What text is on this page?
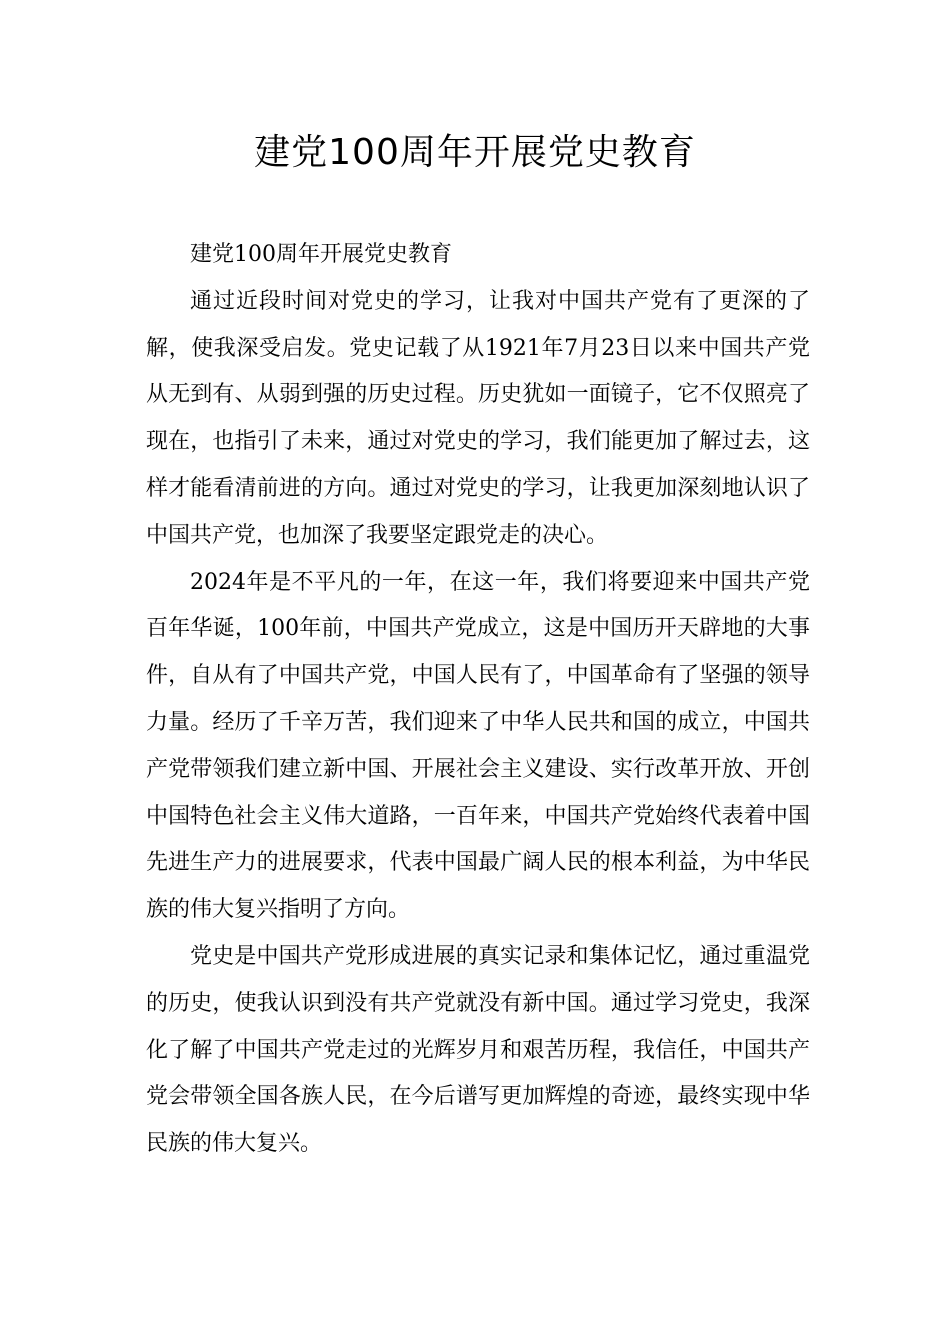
建党100周年开展党史教育

建党100周年开展党史教育

通过近段时间对党史的学习，让我对中国共产党有了更深的了解，使我深受启发。党史记载了从1921年7月23日以来中国共产党从无到有、从弱到强的历史过程。历史犹如一面镜子，它不仅照亮了现在，也指引了未来，通过对党史的学习，我们能更加了解过去，这样才能看清前进的方向。通过对党史的学习，让我更加深刻地认识了中国共产党，也加深了我要坚定跟党走的决心。

2024年是不平凡的一年，在这一年，我们将要迎来中国共产党百年华诞，100年前，中国共产党成立，这是中国历开天辟地的大事件，自从有了中国共产党，中国人民有了，中国革命有了坚强的领导力量。经历了千辛万苦，我们迎来了中华人民共和国的成立，中国共产党带领我们建立新中国、开展社会主义建设、实行改革开放、开创中国特色社会主义伟大道路，一百年来，中国共产党始终代表着中国先进生产力的进展要求，代表中国最广阔人民的根本利益，为中华民族的伟大复兴指明了方向。

党史是中国共产党形成进展的真实记录和集体记忆，通过重温党的历史，使我认识到没有共产党就没有新中国。通过学习党史，我深化了解了中国共产党走过的光辉岁月和艰苦历程，我信任，中国共产党会带领全国各族人民，在今后谱写更加辉煌的奇迹，最终实现中华民族的伟大复兴。
